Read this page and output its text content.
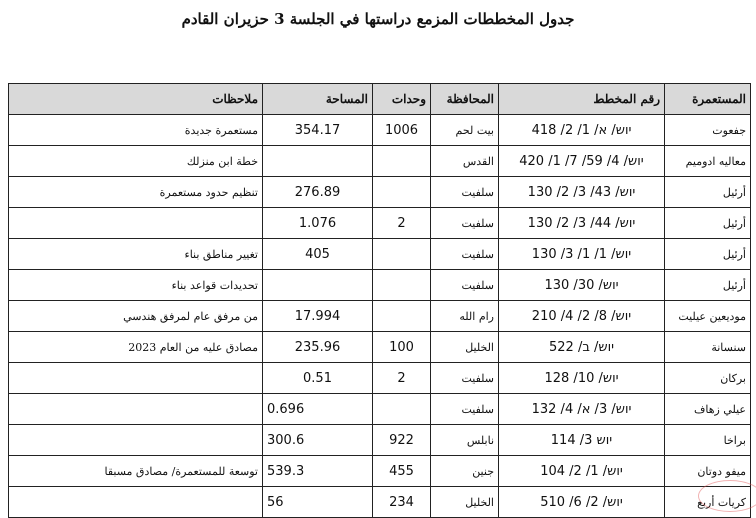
جدول المخططات المزمع دراستها في الجلسة 3 حزيران القادم
المستعمرة	رقم المخطط	المحافظة	وحدات	المساحة	ملاحظات
جفعوت	יוש/ א/ 1/ 2/ 418	بيت لحم	1006	354.17	مستعمرة جديدة
معاليه ادوميم	יוש/ 4/ 59/ 7/ 1/ 420	القدس			خطة ابن منزلك
أرئيل	יוש/ 43/ 3/ 2/ 130	سلفيت		276.89	تنظيم حدود مستعمرة
أرئيل	יוש/ 44/ 3/ 2/ 130	سلفيت	2	1.076	
أرئيل	יוש/ 1/ 1/ 3/ 130	سلفيت		405	تغيير مناطق بناء
أرئيل	יוש/ 30/ 130	سلفيت			تحديدات قواعد بناء
موديعين عيليت	יוש/ 8/ 2/ 4/ 210	رام الله		17.994	من مرفق عام لمرفق هندسي
سنسانة	יוש/ ב/ 522	الخليل	100	235.96	مصادق عليه من العام 2023
بركان	יוש/ 10/ 128	سلفيت	2	0.51	
عيلي زهاف	יוש/ 3/ א/ 4/ 132	سلفيت		0.696	
براخا	יוש 3/ 114	نابلس	922	300.6	
ميفو دوتان	יוש/ 1/ 2/ 104	جنين	455	539.3	توسعة للمستعمرة/ مصادق مسبقا
كريات أربع	יוש/ 2/ 6/ 510	الخليل	234	56	
